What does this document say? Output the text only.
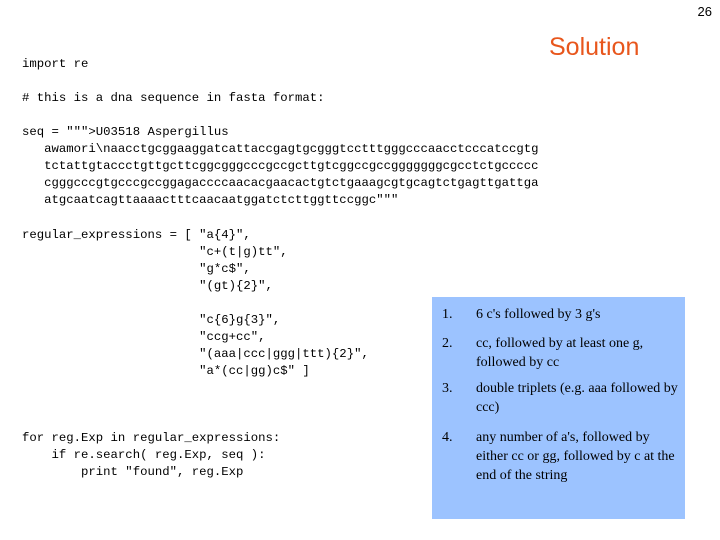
26
Solution
import re
# this is a dna sequence in fasta format:
seq = """>U03518 Aspergillus
awamori\naacctgcggaaggatcattaccgagtgcgggtcctttgggcccaacctcccatccgtg
tctattgtaccctgttgcttcggcgggcccgccgcttgtcggccgccgggggggcgcctctgccccc
cgggcccgtgcccgccggagaccccaacacgaacactgtctgaaagcgtgcagtctgagttgattga
atgcaatcagttaaaactttcaacaatggatctcttggttccggc"""
regular_expressions = [ "a{4}",
"c+(t|g)tt",
"g*c$",
"(gt){2}",
"c{6}g{3}",
"ccg+cc",
"(aaa|ccc|ggg|ttt){2}",
"a*(cc|gg)c$" ]
for reg.Exp in regular_expressions:
if re.search( reg.Exp, seq ):
print "found", reg.Exp
1. 6 c's followed by 3 g's
2. cc, followed by at least one g, followed by cc
3. double triplets (e.g. aaa followed by ccc)
4. any number of a's, followed by either cc or gg, followed by c at the end of the string
